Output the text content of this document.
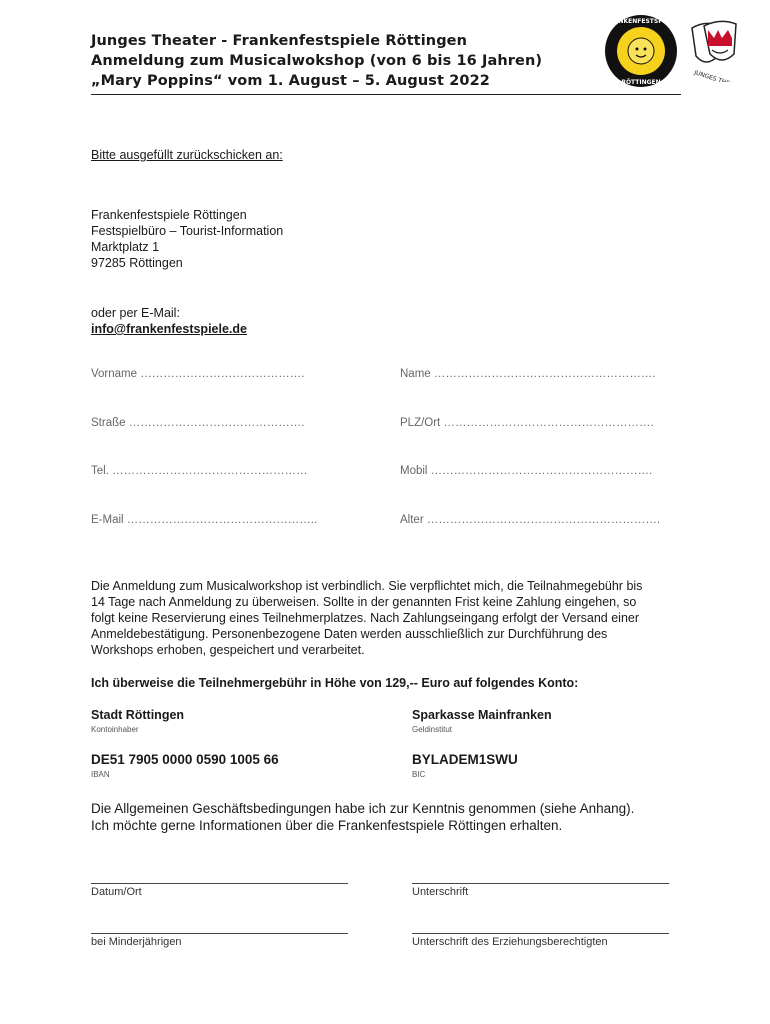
Junges Theater - Frankenfestspiele Röttingen
Anmeldung zum Musicalwokshop (von 6 bis 16 Jahren)
„Mary Poppins“ vom 1. August – 5. August 2022
FRANKENFESTSPIELE
RÖTTINGEN	JUNGES THEATER
Bitte ausgefüllt zurückschicken an:
Frankenfestspiele Röttingen
Festspielbüro – Tourist-Information
Marktplatz 1
97285 Röttingen
oder per E-Mail:
info@frankenfestspiele.de
Vorname …………………………………….	Name ………………………………………………….
Straße ……………………………………….	PLZ/Ort ……………………………………………….
Tel. ……………………………………………	Mobil ………………………………………………….
E-Mail …………………………………………..	Alter …………………………………………………….

Die Anmeldung zum Musicalworkshop ist verbindlich. Sie verpflichtet mich, die Teilnahmegebühr bis

14 Tage nach Anmeldung zu überweisen. Sollte in der genannten Frist keine Zahlung eingehen, so

folgt keine Reservierung eines Teilnehmerplatzes. Nach Zahlungseingang erfolgt der Versand einer

Anmeldebestätigung. Personenbezogene Daten werden ausschließlich zur Durchführung des

Workshops erhoben, gespeichert und verarbeitet.

Ich überweise die Teilnehmergebühr in Höhe von 129,-- Euro auf folgendes Konto:
Stadt Röttingen
Kontoinhaber
Sparkasse Mainfranken
Geldinstitut
DE51 7905 0000 0590 1005 66
IBAN
BYLADEM1SWU
BIC

Die Allgemeinen Geschäftsbedingungen habe ich zur Kenntnis genommen (siehe Anhang).

Ich möchte gerne Informationen über die Frankenfestspiele Röttingen erhalten.

Datum/Ort	Unterschrift
bei Minderjährigen	Unterschrift des Erziehungsberechtigten
